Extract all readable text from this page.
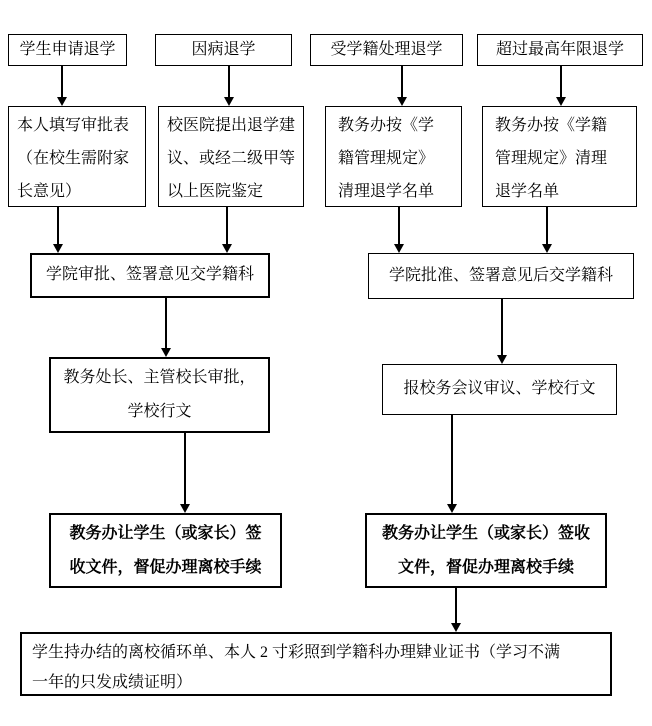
学生申请退学	因病退学	受学籍处理退学	超过最高年限退学
本人填写审批表
（在校生需附家
长意见）
校医院提出退学建
议、或经二级甲等
以上医院鉴定
教务办按《学
籍管理规定》
清理退学名单
教务办按《学籍
管理规定》清理
退学名单
学院审批、签署意见交学籍科	学院批准、签署意见后交学籍科
教务处长、主管校长审批，
学校行文
报校务会议审议、学校行文
教务办让学生（或家长）签
收文件，督促办理离校手续
教务办让学生（或家长）签收
文件，督促办理离校手续
学生持办结的离校循环单、本人 2 寸彩照到学籍科办理肄业证书（学习不满
一年的只发成绩证明）
